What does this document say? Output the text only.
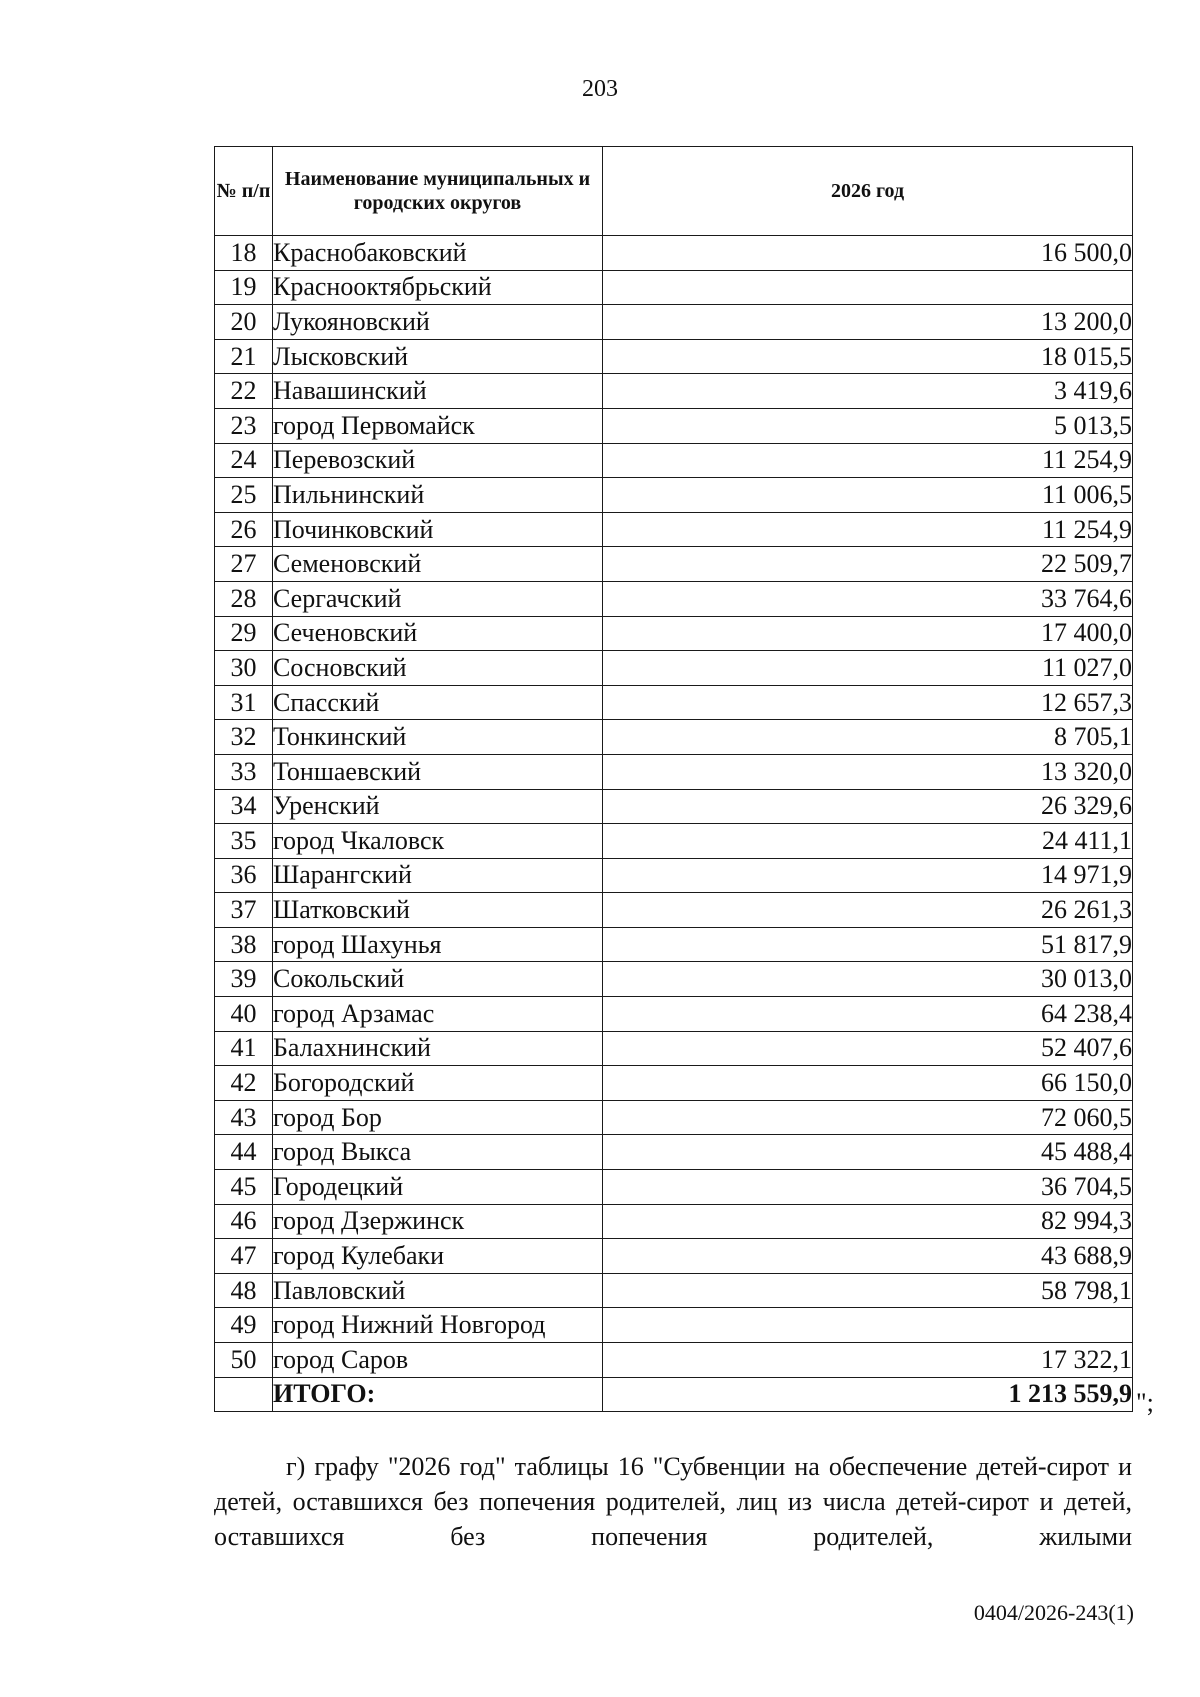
203
№ п/п	Наименование муниципальных и городских округов	2026 год
18	Краснобаковский	16 500,0
19	Краснооктябрьский	
20	Лукояновский	13 200,0
21	Лысковский	18 015,5
22	Навашинский	3 419,6
23	город Первомайск	5 013,5
24	Перевозский	11 254,9
25	Пильнинский	11 006,5
26	Починковский	11 254,9
27	Семеновский	22 509,7
28	Сергачский	33 764,6
29	Сеченовский	17 400,0
30	Сосновский	11 027,0
31	Спасский	12 657,3
32	Тонкинский	8 705,1
33	Тоншаевский	13 320,0
34	Уренский	26 329,6
35	город Чкаловск	24 411,1
36	Шарангский	14 971,9
37	Шатковский	26 261,3
38	город Шахунья	51 817,9
39	Сокольский	30 013,0
40	город Арзамас	64 238,4
41	Балахнинский	52 407,6
42	Богородский	66 150,0
43	город Бор	72 060,5
44	город Выкса	45 488,4
45	Городецкий	36 704,5
46	город Дзержинск	82 994,3
47	город Кулебаки	43 688,9
48	Павловский	58 798,1
49	город Нижний Новгород	
50	город Саров	17 322,1
	ИТОГО:	1 213 559,9 ";
г) графу "2026 год" таблицы 16 "Субвенции на обеспечение детей-сирот и детей, оставшихся без попечения родителей, лиц из числа детей-сирот и детей, оставшихся без попечения родителей, жилыми
0404/2026-243(1)
